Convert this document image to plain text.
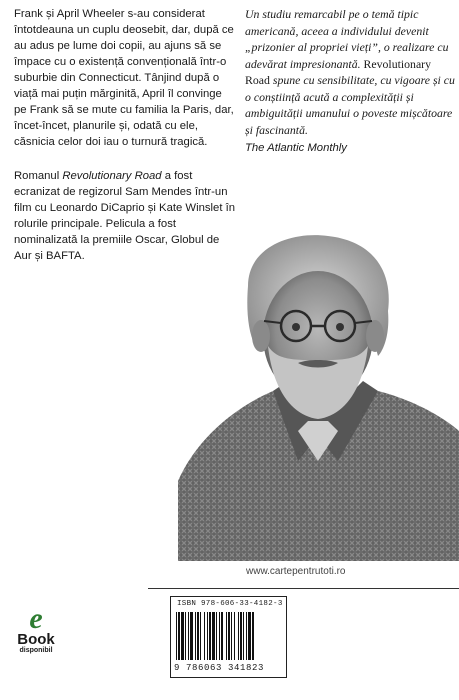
Frank și April Wheeler s-au considerat întotdeauna un cuplu deosebit, dar, după ce au adus pe lume doi copii, au ajuns să se împace cu o existență convențională într-o suburbie din Connecticut. Tânjind după o viață mai puțin mărginită, April îl convinge pe Frank să se mute cu familia la Paris, dar, încet-încet, planurile și, odată cu ele, căsnicia celor doi iau o turnură tragică.

Romanul Revolutionary Road a fost ecranizat de regizorul Sam Mendes într-un film cu Leonardo DiCaprio și Kate Winslet în rolurile principale. Pelicula a fost nominalizată la premiile Oscar, Globul de Aur și BAFTA.

Un studiu remarcabil pe o temă tipic americană, aceea a individului devenit „prizonier al propriei vieți”, o realizare cu adevărat impresionantă. Revolutionary Road spune cu sensibilitate, cu vigoare și cu o conștiință acută a complexității și ambiguității umanului o poveste mișcătoare și fascinantă.
The Atlantic Monthly
www.cartepentrutoti.ro
e
Book
disponibil
ISBN 978-606-33-4182-3
9 786063 341823
